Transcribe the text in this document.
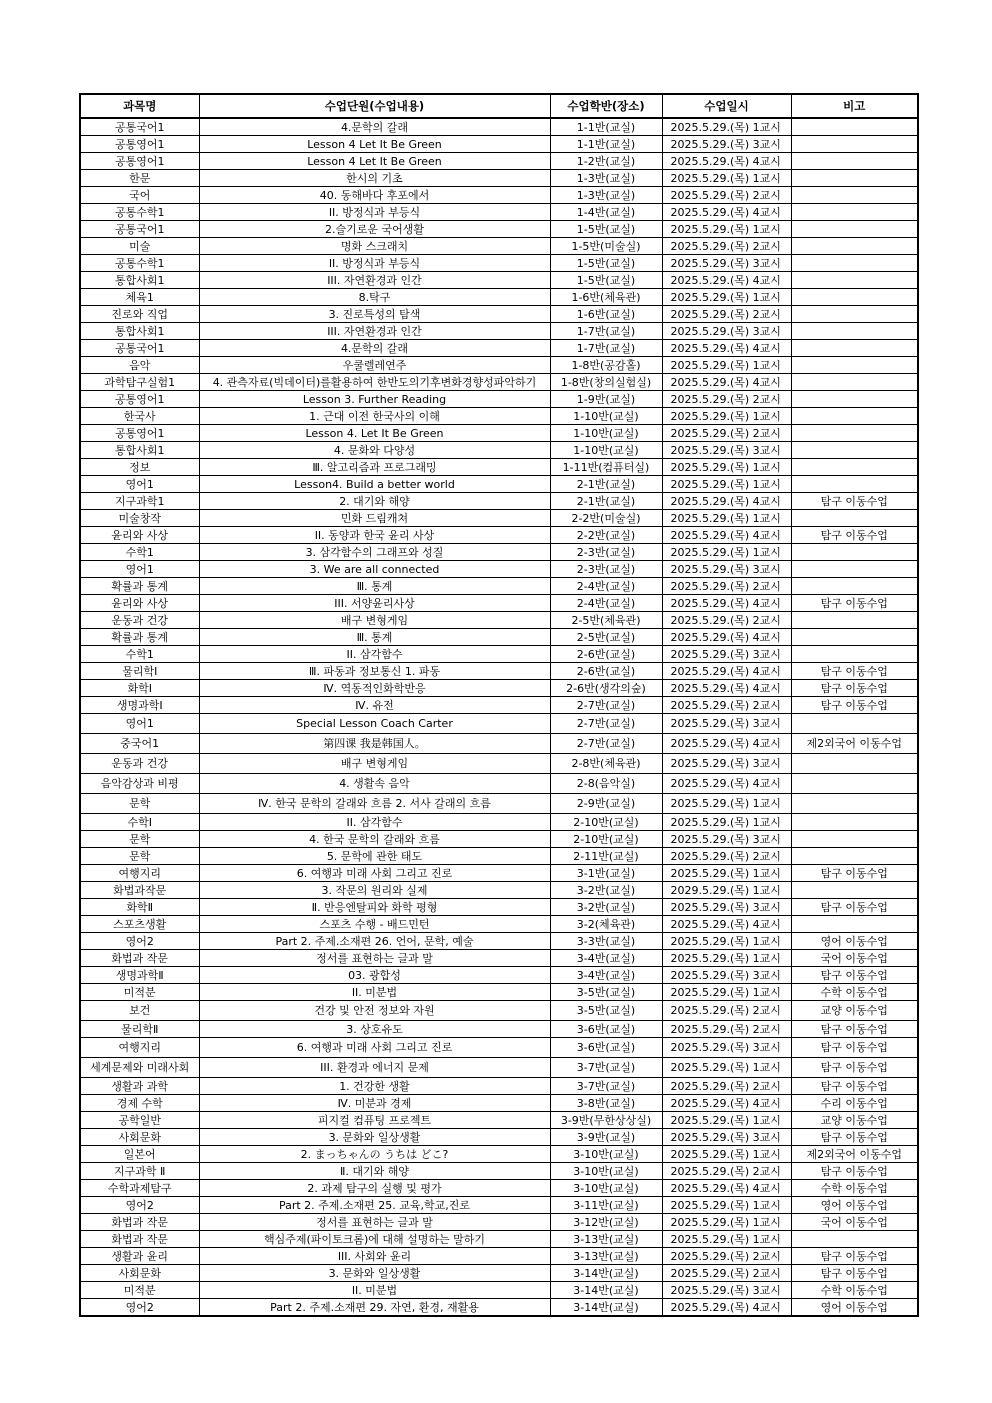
과목명	수업단원(수업내용)	수업학반(장소)	수업일시	비고
공통국어1	4.문학의 갈래	1-1반(교실)	2025.5.29.(목) 1교시	
공통영어1	Lesson 4 Let It Be Green	1-1반(교실)	2025.5.29.(목) 3교시	
공통영어1	Lesson 4 Let It Be Green	1-2반(교실)	2025.5.29.(목) 4교시	
한문	한시의 기초	1-3반(교실)	2025.5.29.(목) 1교시	
국어	40. 동해바다 후포에서	1-3반(교실)	2025.5.29.(목) 2교시	
공통수학1	II. 방정식과 부등식	1-4반(교실)	2025.5.29.(목) 4교시	
공통국어1	2.슬기로운 국어생활	1-5반(교실)	2025.5.29.(목) 1교시	
미술	명화 스크래치	1-5반(미술실)	2025.5.29.(목) 2교시	
공통수학1	II. 방정식과 부등식	1-5반(교실)	2025.5.29.(목) 3교시	
통합사회1	III. 자연환경과 인간	1-5반(교실)	2025.5.29.(목) 4교시	
체육1	8.탁구	1-6반(체육관)	2025.5.29.(목) 1교시	
진로와 직업	3. 진로특성의 탐색	1-6반(교실)	2025.5.29.(목) 2교시	
통합사회1	III. 자연환경과 인간	1-7반(교실)	2025.5.29.(목) 3교시	
공통국어1	4.문학의 갈래	1-7반(교실)	2025.5.29.(목) 4교시	
음악	우쿨렐레연주	1-8반(공감홀)	2025.5.29.(목) 1교시	
과학탐구실험1	4. 관측자료(빅데이터)를활용하여 한반도의기후변화경향성파악하기	1-8반(창의실험실)	2025.5.29.(목) 4교시	
공통영어1	Lesson 3. Further Reading	1-9반(교실)	2025.5.29.(목) 2교시	
한국사	1. 근대 이전 한국사의 이해	1-10반(교실)	2025.5.29.(목) 1교시	
공통영어1	Lesson 4. Let It Be Green	1-10반(교실)	2025.5.29.(목) 2교시	
통합사회1	4. 문화와 다양성	1-10반(교실)	2025.5.29.(목) 3교시	
정보	Ⅲ. 알고리즘과 프로그래밍	1-11반(컴퓨터실)	2025.5.29.(목) 1교시	
영어1	Lesson4. Build a better world	2-1반(교실)	2025.5.29.(목) 1교시	
지구과학1	2. 대기와 해양	2-1반(교실)	2025.5.29.(목) 4교시	탐구 이동수업
미술창작	민화 드림캐쳐	2-2반(미술실)	2025.5.29.(목) 1교시	
윤리와 사상	II. 동양과 한국 윤리 사상	2-2반(교실)	2025.5.29.(목) 4교시	탐구 이동수업
수학1	3. 삼각함수의 그래프와 성질	2-3반(교실)	2025.5.29.(목) 1교시	
영어1	3. We are all connected	2-3반(교실)	2025.5.29.(목) 3교시	
확률과 통계	Ⅲ. 통계	2-4반(교실)	2025.5.29.(목) 2교시	
윤리와 사상	III. 서양윤리사상	2-4반(교실)	2025.5.29.(목) 4교시	탐구 이동수업
운동과 건강	배구 변형게임	2-5반(체육관)	2025.5.29.(목) 2교시	
확률과 통계	Ⅲ. 통계	2-5반(교실)	2025.5.29.(목) 4교시	
수학1	II. 삼각함수	2-6반(교실)	2025.5.29.(목) 3교시	
물리학Ⅰ	Ⅲ. 파동과 정보통신 1. 파동	2-6반(교실)	2025.5.29.(목) 4교시	탐구 이동수업
화학Ⅰ	Ⅳ. 역동적인화학반응	2-6반(생각의숲)	2025.5.29.(목) 4교시	탐구 이동수업
생명과학Ⅰ	Ⅳ. 유전	2-7반(교실)	2025.5.29.(목) 2교시	탐구 이동수업
영어1	Special Lesson Coach Carter	2-7반(교실)	2025.5.29.(목) 3교시	
중국어1	第四课 我是韩国人。	2-7반(교실)	2025.5.29.(목) 4교시	제2외국어 이동수업
운동과 건강	배구 변형게임	2-8반(체육관)	2025.5.29.(목) 3교시	
음악감상과 비평	4. 생활속 음악	2-8(음악실)	2025.5.29.(목) 4교시	
문학	Ⅳ. 한국 문학의 갈래와 흐름 2. 서사 갈래의 흐름	2-9반(교실)	2025.5.29.(목) 1교시	
수학Ⅰ	II. 삼각함수	2-10반(교실)	2025.5.29.(목) 1교시	
문학	4. 한국 문학의 갈래와 흐름	2-10반(교실)	2025.5.29.(목) 3교시	
문학	5. 문학에 관한 태도	2-11반(교실)	2025.5.29.(목) 2교시	
여행지리	6. 여행과 미래 사회 그리고 진로	3-1반(교실)	2025.5.29.(목) 1교시	탐구 이동수업
화법과작문	3. 작문의 원리와 실제	3-2반(교실)	2029.5.29.(목) 1교시	
화학Ⅱ	Ⅱ. 반응엔탈피와 화학 평형	3-2반(교실)	2025.5.29.(목) 3교시	탐구 이동수업
스포츠생활	스포츠 수행 - 배드민턴	3-2(체육관)	2025.5.29.(목) 4교시	
영어2	Part 2. 주제.소재편 26. 언어, 문학, 예술	3-3반(교실)	2025.5.29.(목) 1교시	영어 이동수업
화법과 작문	정서를 표현하는 글과 말	3-4반(교실)	2025.5.29.(목) 1교시	국어 이동수업
생명과학Ⅱ	03. 광합성	3-4반(교실)	2025.5.29.(목) 3교시	탐구 이동수업
미적분	II. 미분법	3-5반(교실)	2025.5.29.(목) 1교시	수학 이동수업
보건	건강 및 안전 정보와 자원	3-5반(교실)	2025.5.29.(목) 2교시	교양 이동수업
물리학Ⅱ	3. 상호유도	3-6반(교실)	2025.5.29.(목) 2교시	탐구 이동수업
여행지리	6. 여행과 미래 사회 그리고 진로	3-6반(교실)	2025.5.29.(목) 3교시	탐구 이동수업
세계문제와 미래사회	III. 환경과 에너지 문제	3-7반(교실)	2025.5.29.(목) 1교시	탐구 이동수업
생활과 과학	1. 건강한 생활	3-7반(교실)	2025.5.29.(목) 2교시	탐구 이동수업
경제 수학	Ⅳ. 미분과 경제	3-8반(교실)	2025.5.29.(목) 4교시	수리 이동수업
공학일반	피지컬 컴퓨팅 프로젝트	3-9반(무한상상실)	2025.5.29.(목) 1교시	교양 이동수업
사회문화	3. 문화와 일상생활	3-9반(교실)	2025.5.29.(목) 3교시	탐구 이동수업
일본어	2. まっちゃんの うちは どこ?	3-10반(교실)	2025.5.29.(목) 1교시	제2외국어 이동수업
지구과학 Ⅱ	Ⅱ. 대기와 해양	3-10반(교실)	2025.5.29.(목) 2교시	탐구 이동수업
수학과제탐구	2. 과제 탐구의 실행 및 평가	3-10반(교실)	2025.5.29.(목) 4교시	수학 이동수업
영어2	Part 2. 주제.소재편 25. 교육,학교,진로	3-11반(교실)	2025.5.29.(목) 1교시	영어 이동수업
화법과 작문	정서를 표현하는 글과 말	3-12반(교실)	2025.5.29.(목) 1교시	국어 이동수업
화법과 작문	핵심주제(파이토크롬)에 대해 설명하는 말하기	3-13반(교실)	2025.5.29.(목) 1교시	
생활과 윤리	III. 사회와 윤리	3-13반(교실)	2025.5.29.(목) 2교시	탐구 이동수업
사회문화	3. 문화와 일상생활	3-14반(교실)	2025.5.29.(목) 2교시	탐구 이동수업
미적분	II. 미분법	3-14반(교실)	2025.5.29.(목) 3교시	수학 이동수업
영어2	Part 2. 주제.소재편 29. 자연, 환경, 재활용	3-14반(교실)	2025.5.29.(목) 4교시	영어 이동수업
